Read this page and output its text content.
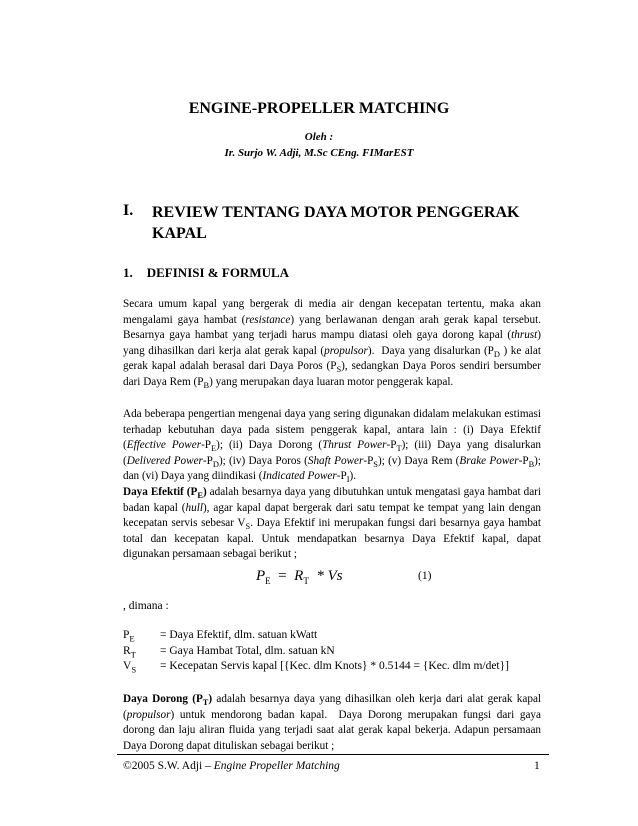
ENGINE-PROPELLER MATCHING
Oleh :
Ir. Surjo W. Adji, M.Sc CEng. FIMarEST
I. REVIEW TENTANG DAYA MOTOR PENGGERAK
KAPAL
1. DEFINISI & FORMULA
Secara umum kapal yang bergerak di media air dengan kecepatan tertentu, maka akan mengalami gaya hambat (resistance) yang berlawanan dengan arah gerak kapal tersebut. Besarnya gaya hambat yang terjadi harus mampu diatasi oleh gaya dorong kapal (thrust) yang dihasilkan dari kerja alat gerak kapal (propulsor).  Daya yang disalurkan ($P_D$ ) ke alat gerak kapal adalah berasal dari Daya Poros $(P_S)$, sedangkan Daya Poros sendiri bersumber dari Daya Rem $(P_B)$ yang merupakan daya luaran motor penggerak kapal.
Ada beberapa pengertian mengenai daya yang sering digunakan didalam melakukan estimasi terhadap kebutuhan daya pada sistem penggerak kapal, antara lain : (i) Daya Efektif (Effective Power-$P_E$); (ii) Daya Dorong (Thrust Power-$P_T$); (iii) Daya yang disalurkan (Delivered Power-$P_D$); (iv) Daya Poros (Shaft Power-$P_S$); (v) Daya Rem (Brake Power-$P_B$); dan (vi) Daya yang diindikasi (Indicated Power-$P_I$).
Daya Efektif $(P_E)$ adalah besarnya daya yang dibutuhkan untuk mengatasi gaya hambat dari badan kapal (hull), agar kapal dapat bergerak dari satu tempat ke tempat yang lain dengan kecepatan servis sebesar $V_S$. Daya Efektif ini merupakan fungsi dari besarnya gaya hambat total dan kecepatan kapal. Untuk mendapatkan besarnya Daya Efektif kapal, dapat digunakan persamaan sebagai berikut ;
$P_E = R_T * Vs$	(1)
, dimana :
$P_E$ = Daya Efektif, dlm. satuan kWatt
$R_T$ = Gaya Hambat Total, dlm. satuan kN
$V_S$ = Kecepatan Servis kapal [{Kec. dlm Knots} * 0.5144 = {Kec. dlm m/det}]
Daya Dorong $(P_T)$ adalah besarnya daya yang dihasilkan oleh kerja dari alat gerak kapal (propulsor) untuk mendorong badan kapal.  Daya Dorong merupakan fungsi dari gaya dorong dan laju aliran fluida yang terjadi saat alat gerak kapal bekerja. Adapun persamaan Daya Dorong dapat dituliskan sebagai berikut ;
©2005 S.W. Adji – Engine Propeller Matching	1
